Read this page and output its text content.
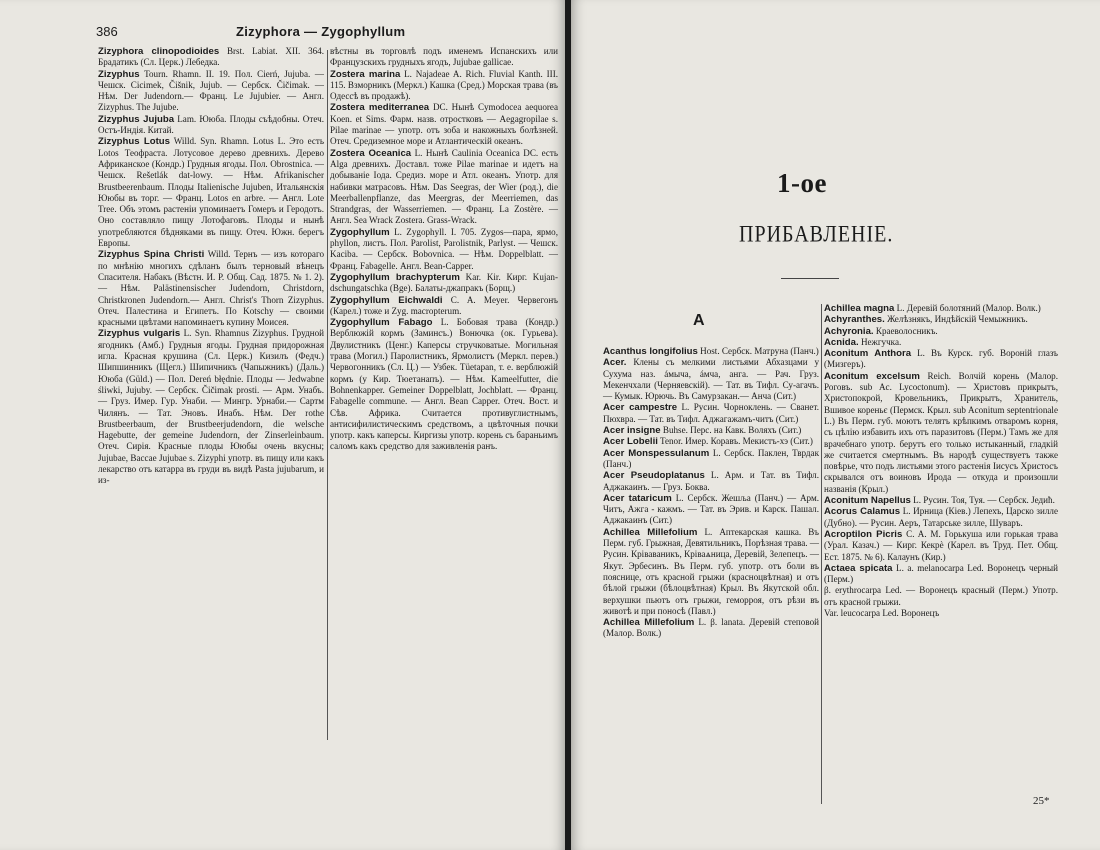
386	Zizyphora — Zygophyllum

Zizyphora clinopodioides Brst. Labiat. XII. 364. Брадатикъ (Сл. Церк.) Лебедка.

Zizyphus Tourn. Rhamn. II. 19. Пол. Cierń, Jujuba. — Чешск. Cicimek, Čišnik, Jujub. — Сербск. Čičimak. — Нѣм. Der Judendorn.— Франц. Le Jujubier. — Англ. Zizyphus. The Jujube.

Zizyphus Jujuba Lam. Ююба. Плоды съѣдобны. Отеч. Остъ-Индія. Китай.

Zizyphus Lotus Willd. Syn. Rhamn. Lotus L. Это есть Lotos Теофраста. Лотусовое дерево древнихъ. Дерево Африканское (Кондр.) Грудныя ягоды. Пол. Obrostnica. — Чешск. Rešetlák dat-lowy. — Нѣм. Afrikanischer Brustbeerenbaum. Плоды Italienische Jujuben, Итальянскія Ююбы въ торг. — Франц. Lotos en arbre. — Англ. Lote Tree. Объ этомъ растеніи упоминаетъ Гомеръ и Геродотъ. Оно составляло пищу Лотофаговъ. Плоды и нынѣ употребляются бѣдняками въ пищу. Отеч. Южн. берегъ Европы.

Zizyphus Spina Christi Willd. Тернъ — изъ котораго по мнѣнію многихъ сдѣланъ былъ терновый вѣнецъ Спасителя. Набакъ (Вѣстн. И. Р. Общ. Сад. 1875. № 1. 2). — Нѣм. Palästinensischer Judendorn, Christdorn, Christkronen Judendorn.— Англ. Christ's Thorn Zizyphus. Отеч. Палестина и Египетъ. По Kotschy — своими красными цвѣтами напоминаетъ купину Моисея.

Zizyphus vulgaris L. Syn. Rhamnus Zizyphus. Грудной ягодникъ (Амб.) Грудныя ягоды. Грудная придорожная игла. Красная крушина (Сл. Церк.) Кизилъ (Федч.) Шипшинникъ (Щегл.) Шипичникъ (Чапыжникъ) (Даль.) Ююба (Güld.) — Пол. Dereń błędnie. Плоды — Jedwabne śliwki, Jujuby. — Сербск. Čičimak prosti. — Арм. Унабъ. — Груз. Имер. Гур. Унаби. — Мингр. Урнаби.— Сартм Чилянъ. — Тат. Эновъ. Инабъ. Нѣм. Der rothe Brustbeerbaum, der Brustbeerjudendorn, die welsche Hagebutte, der gemeine Judendorn, der Zinserleinbaum. Отеч. Сирія. Красные плоды Ююбы очень вкусны; Jujubae, Baccae Jujubae s. Zizyphi употр. въ пищу или какъ лекарство отъ катарра въ груди въ видѣ Pasta jujubarum, и из-

вѣстны въ торговлѣ подъ именемъ Испанскихъ или Французскихъ грудныхъ ягодъ, Jujubae gallicae.

Zostera marina L. Najadeae A. Rich. Fluvial Kanth. III. 115. Взморникъ (Меркл.) Кашка (Сред.) Морская трава (въ Одессѣ въ продажѣ).

Zostera mediterranea DC. Нынѣ Cymodocea aequorea Koen. et Sims. Фарм. назв. отростковъ — Aegagropilae s. Pilae marinae — употр. отъ зоба и накожныхъ болѣзней. Отеч. Средиземное море и Атлантическій океанъ.

Zostera Oceanica L. Нынѣ Caulinia Oceanica DC. есть Alga древнихъ. Доставл. тоже Pilae marinae и идетъ на добываніе Іода. Средиз. море и Атл. океанъ. Употр. для набивки матрасовъ. Нѣм. Das Seegras, der Wier (род.), die Meerballenpflanze, das Meergras, der Meerriemen, das Strandgras, der Wasserriemen. — Франц. La Zostère. — Англ. Sea Wrack Zostera. Grass-Wrack.

Zygophyllum L. Zygophyll. I. 705. Zygos—пара, ярмо, phyllon, листъ. Пол. Parolist, Parolistnik, Parlyst. — Чешск. Kaciba. — Сербск. Bobovnica. — Нѣм. Doppelblatt. — Франц. Fabagelle. Англ. Bean-Capper.

Zygophyllum brachypterum Kar. Kir. Кирг. Kujan-dschungatschka (Bge). Балаты-джапракъ (Борщ.)

Zygophyllum Eichwaldi C. A. Meyer. Червегонъ (Карел.) тоже и Zyg. macropterum.

Zygophyllum Fabago L. Бобовая трава (Кондр.) Верблюжій кормъ (Заминсъ.) Вонючка (ок. Гурьева). Двулистникъ (Ценг.) Каперсы стручковатые. Могильная трава (Могил.) Паролистникъ, Ярмолистъ (Меркл. перев.) Червогонникъ (Сл. Ц.) — Узбек. Tüetapan, т. е. верблюжій кормъ (у Кир. Тюетанапъ). — Нѣм. Kameelfutter, die Bohnenkapper. Gemeiner Doppelblatt, Jochblatt. — Франц. Fabagelle commune. — Англ. Bean Capper. Отеч. Вост. и Сѣв. Африка. Считается противуглистнымъ, антисифилистическимъ средствомъ, а цвѣточныя почки употр. какъ каперсы. Киргизы употр. корень съ бараньимъ саломъ какъ средство для заживленія ранъ.

1-ое
ПРИБАВЛЕНІЕ.
A

Acanthus longifolius Host. Сербск. Матруна (Панч.)

Acer. Клены съ мелкими листьями Абхазцами у Сухума наз. áмыча, áмча, анга. — Рач. Груз. Мекенчхали (Черняевскій). — Тат. въ Тифл. Су-агачъ.— Кумык. Юрючь. Въ Самурзакан.— Анча (Сит.)

Acer campestre L. Русин. Чорноклень. — Сванет. Пюхвра. — Тат. въ Тифл. Аджагажамъ-читъ (Сит.)

Acer insigne Buhse. Перс. на Кавк. Воляхъ (Сит.)

Acer Lobelii Tenor. Имер. Коравъ. Мекистъ-хэ (Сит.)

Acer Monspessulanum L. Сербск. Паклен, Тврдак (Панч.)

Acer Pseudoplatanus L. Арм. и Тат. въ Тифл. Аджакаинъ. — Груз. Боква.

Acer tataricum L. Сербск. Жешља (Панч.) — Арм. Читъ, Ажга - кажмъ. — Тат. въ Эрив. и Карск. Пашал. Аджакаинъ (Сит.)

Achillea Millefolium L. Аптекарская кашка. Въ Перм. губ. Грыжная, Девятильникъ, Порѣзная трава. — Русин. Кріваваникъ, Кріваѧница, Деревій, Зелепецъ. — Якут. Эрбесинъ. Въ Перм. губ. употр. отъ боли въ пояснице, отъ красной грыжи (краснoцвѣтная) и отъ бѣлой грыжи (бѣлоцвѣтная) Крыл. Въ Якутской обл. верхушки пьютъ отъ грыжи, геморроя, отъ рѣзи въ животѣ и при поносѣ (Павл.)

Achillea Millefolium L. β. lanata. Деревій степовой (Малор. Волк.)

Achillea magna L. Деревій болотяний (Малор. Волк.)

Achyranthes. Желѣзнякъ, Индѣйскій Чемыжникъ.

Achyronia. Краеволосникъ.

Acnida. Нежгучка.

Aconitum Anthora L. Въ Курск. губ. Вороній глазъ (Мизгеръ).

Aconitum excelsum Reich. Волчій корень (Малор. Роговъ. sub Ac. Lycoctonum). — Христовъ прикрытъ, Христопокрой, Кровельникъ, Прикрытъ, Хранитель, Вшивое кореньє (Пермск. Крыл. sub Aconitum septentrionale L.) Въ Перм. губ. моютъ телятъ крѣпкимъ отваромъ корня, съ цѣлію избавить ихъ отъ паразитовъ (Перм.) Тамъ же для врачебнаго употр. берутъ его только истыканный, гладкій же считается смертнымъ. Въ народѣ существуетъ также повѣрье, что подъ листьями этого растенія Іисусъ Христосъ скрывался отъ воиновъ Ирода — откуда и произошли названія (Крыл.)

Aconitum Napellus L. Русин. Тоя, Туя. — Сербск. Једић.

Acorus Calamus L. Ирница (Кіев.) Лепехъ, Царско зиллe (Дубно). — Русин. Аеръ, Татарське зилле, Шуваръ.

Acroptilon Picris C. A. M. Горькуша или горькая трава (Урал. Казач.) — Кирг. Кекрѐ (Карел. въ Труд. Пет. Общ. Ест. 1875. № 6). Калаунъ (Кир.)

Actaea spicata L. a. melanocarpa Led. Воронецъ черный (Перм.)

β. erythrocarpa Led. — Воронецъ красный (Перм.) Употр. отъ красной грыжи.

Var. leucocarpa Led. Воронецъ

25*
